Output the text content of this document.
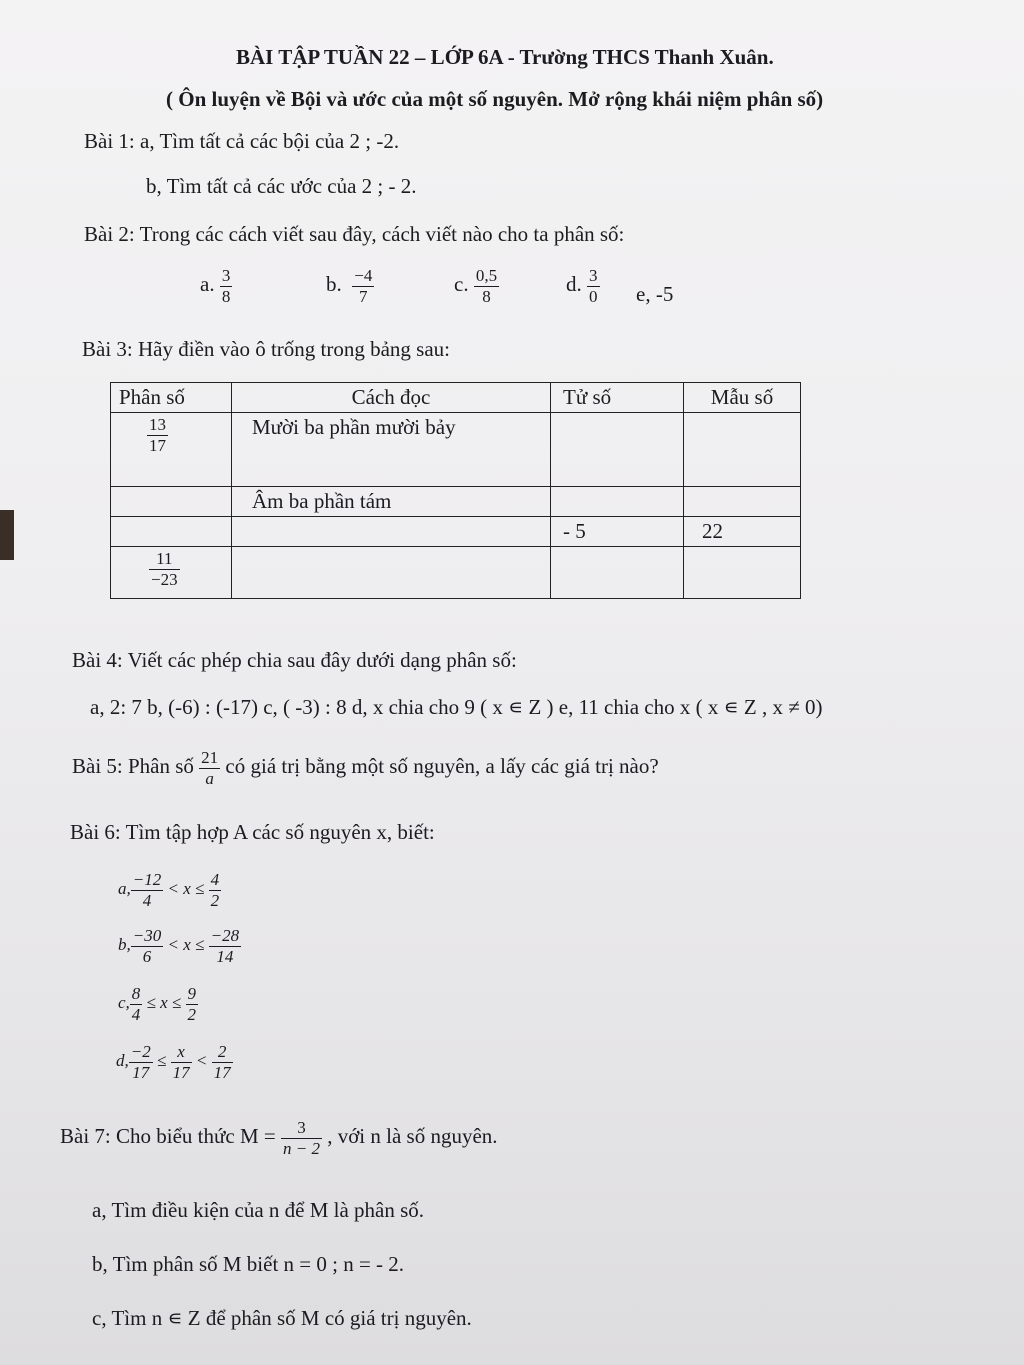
BÀI TẬP TUẦN 22 – LỚP 6A - Trường THCS Thanh Xuân.
( Ôn luyện về Bội và ước của một số nguyên. Mở rộng khái niệm phân số)
Bài 1: a, Tìm tất cả các bội của 2 ; -2.
b, Tìm tất cả các ước của 2 ; - 2.
Bài 2: Trong các cách viết sau đây, cách viết nào cho ta phân số:
a. $\frac{3}{8}$	b. $\frac{-4}{7}$	c. $\frac{0,5}{8}$	d. $\frac{3}{0} e$, -5
Bài 3: Hãy điền vào ô trống trong bảng sau:
Phân số	Cách đọc	Tử số	Mẫu số

$\frac{13}{17}$	Mười ba phần mười bảy		
	Âm ba phần tám		
		- 5	22

$\frac{11}{-23}$

Bài 4: Viết các phép chia sau đây dưới dạng phân số:
a, 2: 7 b, (-6) : (-17) c, ( -3) : 8 d, x chia cho 9 ( x ∊ Z ) e, 11 chia cho x ( x ∊ Z , x ≠ 0)
Bài 5: Phân số $\frac{21}{a}$ có giá trị bằng một số nguyên, a lấy các giá trị nào?
Bài 6: Tìm tập hợp A các số nguyên x, biết:
a, $\frac{-12}{4} < x \le \frac{4}{2}$
b, $\frac{-30}{6} < x \le \frac{-28}{14}$
c, $\frac{8}{4} \le x \le \frac{9}{2}$
d, $\frac{-2}{17} \le \frac{x}{17} < \frac{2}{17}$
Bài 7: Cho biểu thức $M = \frac{3}{n - 2}$ , với n là số nguyên.
a, Tìm điều kiện của n để M là phân số.
b, Tìm phân số M biết n = 0 ; n = - 2.
c, Tìm n ∊ Z để phân số M có giá trị nguyên.
